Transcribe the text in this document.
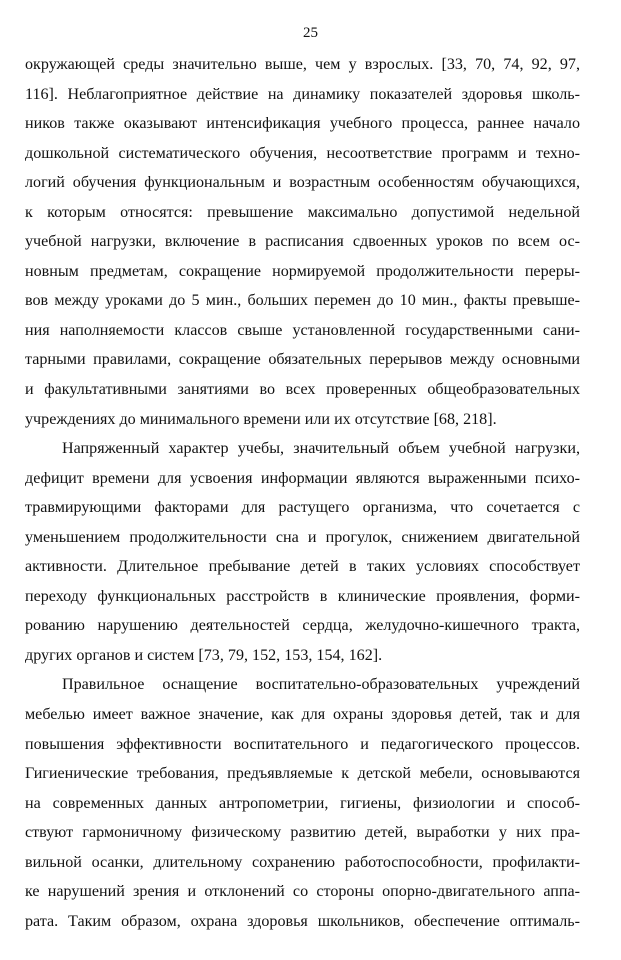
25
окружающей среды значительно выше, чем у взрослых. [33, 70, 74, 92, 97,
116]. Неблагоприятное действие на динамику показателей здоровья школь-
ников также оказывают интенсификация учебного процесса, раннее начало
дошкольной систематического обучения, несоответствие программ и техно-
логий обучения функциональным и возрастным особенностям обучающихся,
к которым относятся: превышение максимально допустимой недельной
учебной нагрузки, включение в расписания сдвоенных уроков по всем ос-
новным предметам, сокращение нормируемой продолжительности переры-
вов между уроками до 5 мин., больших перемен до 10 мин., факты превыше-
ния наполняемости классов свыше установленной государственными сани-
тарными правилами, сокращение обязательных перерывов между основными
и факультативными занятиями во всех проверенных общеобразовательных
учреждениях до минимального времени или их отсутствие [68, 218].
Напряженный характер учебы, значительный объем учебной нагрузки,
дефицит времени для усвоения информации являются выраженными психо-
травмирующими факторами для растущего организма, что сочетается с
уменьшением продолжительности сна и прогулок, снижением двигательной
активности. Длительное пребывание детей в таких условиях способствует
переходу функциональных расстройств в клинические проявления, форми-
рованию нарушению деятельностей сердца, желудочно-кишечного тракта,
других органов и систем [73, 79, 152, 153, 154, 162].
Правильное оснащение воспитательно-образовательных учреждений
мебелью имеет важное значение, как для охраны здоровья детей, так и для
повышения эффективности воспитательного и педагогического процессов.
Гигиенические требования, предъявляемые к детской мебели, основываются
на современных данных антропометрии, гигиены, физиологии и способ-
ствуют гармоничному физическому развитию детей, выработки у них пра-
вильной осанки, длительному сохранению работоспособности, профилакти-
ке нарушений зрения и отклонений со стороны опорно-двигательного аппа-
рата. Таким образом, охрана здоровья школьников, обеспечение оптималь-
